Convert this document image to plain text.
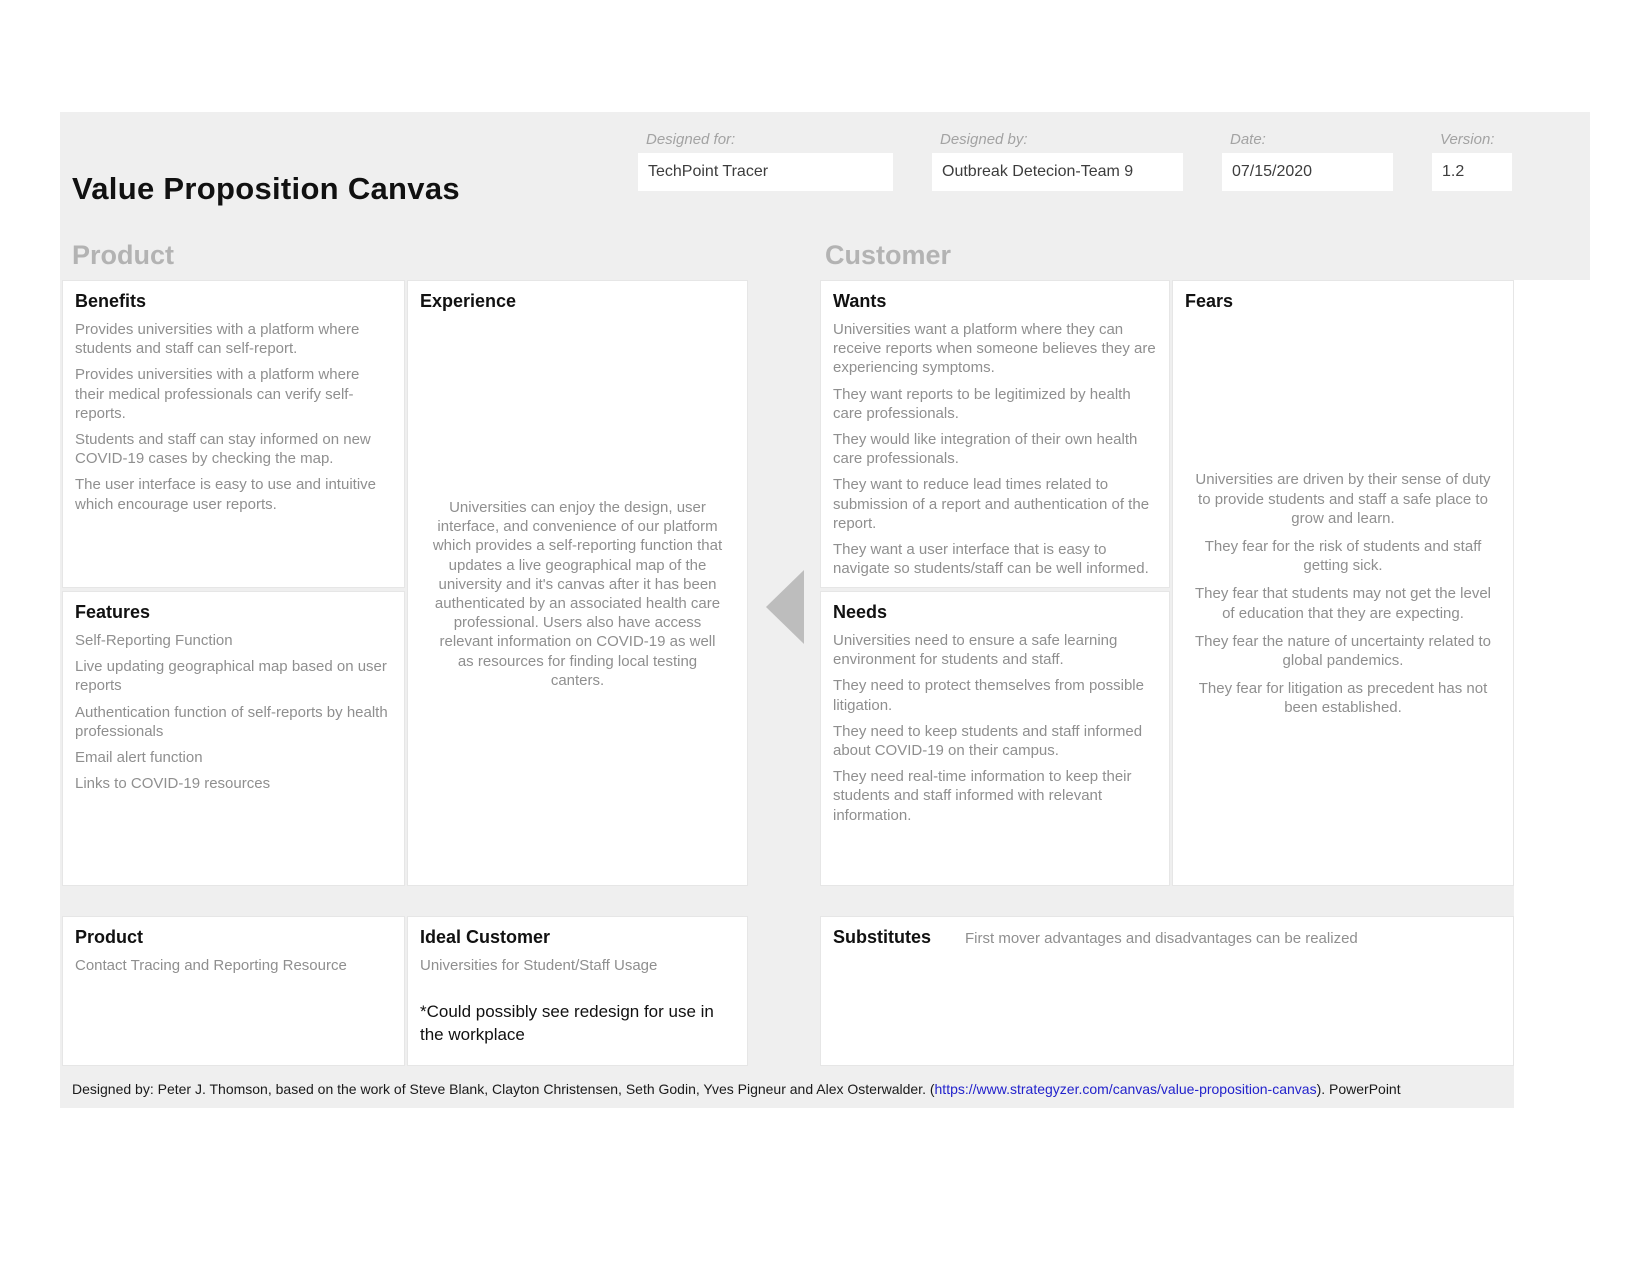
Value Proposition Canvas
Designed for:
TechPoint Tracer
Designed by:
Outbreak Detecion-Team 9
Date:
07/15/2020
Version:
1.2
Product	Customer
Benefits

Provides universities with a platform where students and staff can self-report.

Provides universities with a platform where their medical professionals can verify self-reports.

Students and staff can stay informed on new COVID-19 cases by checking the map.

The user interface is easy to use and intuitive which encourage user reports.

Features

Self-Reporting Function

Live updating geographical map based on user reports

Authentication function of self-reports by health professionals

Email alert function

Links to COVID-19 resources

Experience

Universities can enjoy the design, user interface, and convenience of our platform which provides a self-reporting function that updates a live geographical map of the university and it's canvas after it has been authenticated by an associated health care professional. Users also have access relevant information on COVID-19 as well as resources for finding local testing canters.

Wants

Universities want a platform where they can receive reports when someone believes they are experiencing symptoms.

They want reports to be legitimized by health care professionals.

They would like integration of their own health care professionals.

They want to reduce lead times related to submission of a report and authentication of the report.

They want a user interface that is easy to navigate so students/staff can be well informed.

Needs

Universities need to ensure a safe learning environment for students and staff.

They need to protect themselves from possible litigation.

They need to keep students and staff informed about COVID-19 on their campus.

They need real-time information to keep their students and staff informed with relevant information.

Fears

Universities are driven by their sense of duty to provide students and staff a safe place to grow and learn.

They fear for the risk of students and staff getting sick.

They fear that students may not get the level of education that they are expecting.

They fear the nature of uncertainty related to global pandemics.

They fear for litigation as precedent has not been established.

Product

Contact Tracing and Reporting Resource

Ideal Customer

Universities for Student/Staff Usage

*Could possibly see redesign for use in the workplace
Substitutes First mover advantages and disadvantages can be realized
Designed by: Peter J. Thomson, based on the work of Steve Blank, Clayton Christensen, Seth Godin, Yves Pigneur and Alex Osterwalder. (https://www.strategyzer.com/canvas/value-proposition-canvas). PowerPoint
